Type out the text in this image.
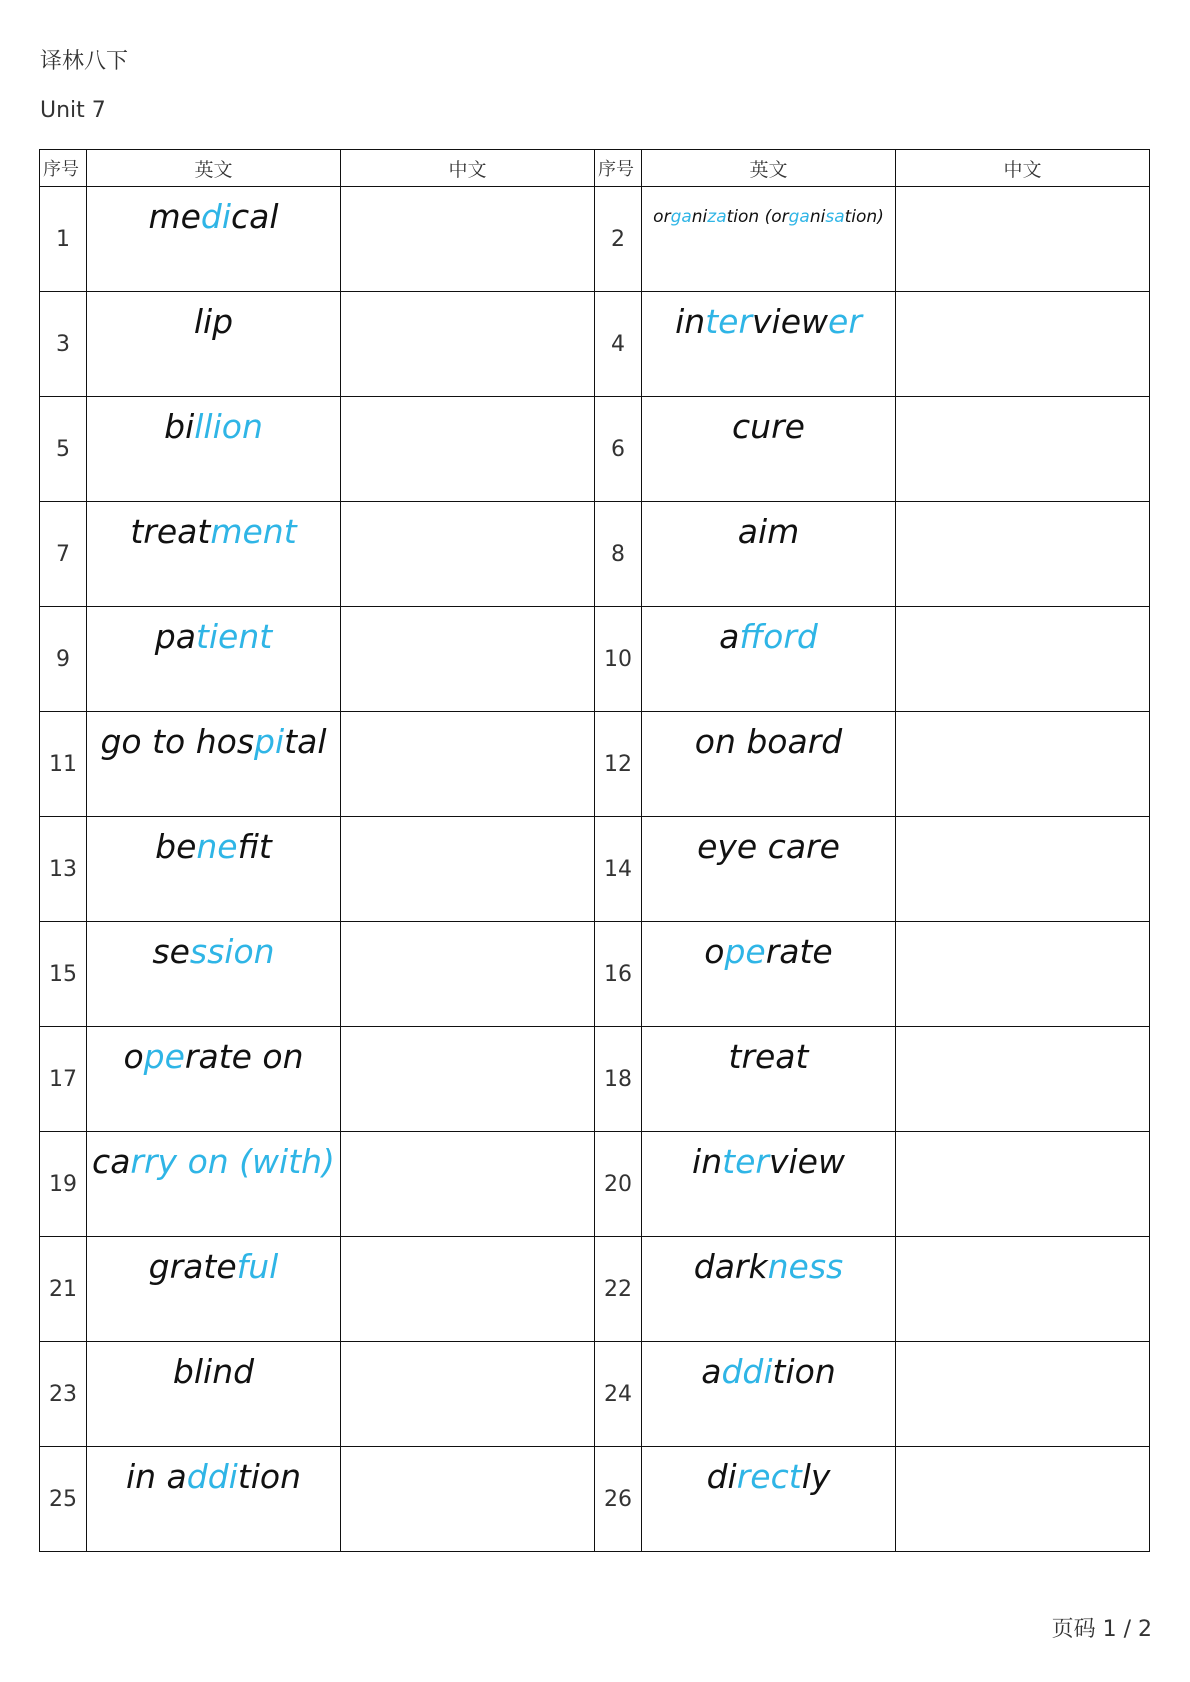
译林八下
Unit 7
序号	英文	中文	序号	英文	中文
1	medical		2	organization (organisation)	

3	lip		4	interviewer	

5	billion		6	cure	

7	treatment		8	aim	

9	patient		10	afford	

11	go to hospital		12	on board	

13	benefit		14	eye care	

15	session		16	operate	

17	operate on		18	treat	

19	carry on (with)		20	interview	

21	grateful		22	darkness	

23	blind		24	addition	

25	in addition		26	directly	

页码 1 / 2
